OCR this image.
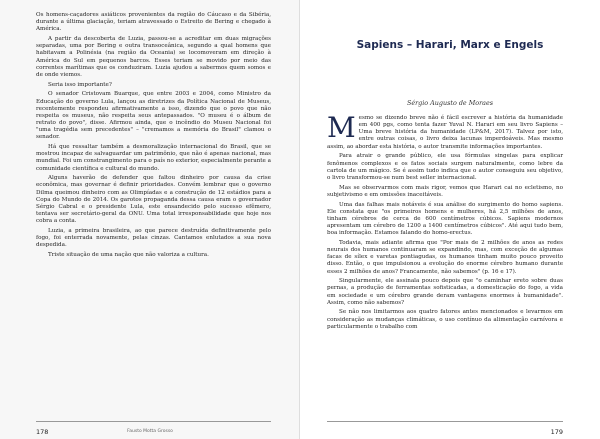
Os homens-caçadores asiáticos provenientes da região do Cáucaso e da Sibéria, durante a última glaciação, teriam atravessado o Estreito de Bering e chegado à América.

A partir da descoberta de Luzia, passou-se a acreditar em duas migrações separadas, uma por Bering e outra transoceânica, segundo a qual homens que habitavam a Polinésia (na região da Oceania) se locomoveram em direção à América do Sul em pequenos barcos. Esses teriam se movido por meio das correntes marítimas que os conduziram. Luzia ajudou a sabermos quem somos e de onde viemos.

Seria isso importante?

O senador Cristovam Buarque, que entre 2003 e 2004, como Ministro da Educação do governo Lula, lançou as diretrizes da Política Nacional de Museus, recentemente respondeu afirmativamente a isso, dizendo que o povo que não respeita os museus, não respeita seus antepassados. "O museu é o álbum de retrato do povo", disse. Afirmou ainda, que o incêndio do Museu Nacional foi "uma tragédia sem precedentes" – "cremamos a memória do Brasil" clamou o senador.

Há que ressaltar também a desmoralização internacional do Brasil, que se mostrou incapaz de salvaguardar um patrimônio, que não é apenas nacional, mas mundial. Foi um constrangimento para o país no exterior, especialmente perante a comunidade científica e cultural do mundo.

Alguns haverão de defender que faltou dinheiro por causa da crise econômica, mas governar é definir prioridades. Convém lembrar que o governo Dilma queimou dinheiro com as Olimpíadas e a construção de 12 estádios para a Copa do Mundo de 2014. Os garotos propaganda dessa causa eram o governador Sérgio Cabral e o presidente Lula, este ensandecido pelo sucesso efêmero, tentava ser secretário-geral da ONU. Uma total irresponsabilidade que hoje nos cobra a conta.

Luzia, a primeira brasileira, ao que parece destruída definitivamente pelo fogo, foi enterrada novamente, pelas cinzas. Cantamos enlutados a sua nova despedida.

Triste situação de uma nação que não valoriza a cultura.

178	Fausto Motta Grosso
Sapiens – Harari, Marx e Engels
Sérgio Augusto de Moraes

Mesmo se dizendo breve não é fácil escrever a história da humanidade em 400 pgs, como tenta fazer Yuval N. Harari em seu livro Sapiens – Uma breve história da humanidade (LP&M, 2017). Talvez por isto, entre outras coisas, o livro deixa lacunas imperdoáveis. Mas mesmo assim, ao abordar esta história, o autor transmite informações importantes.

Para atrair o grande público, ele usa fórmulas singelas para explicar fenômenos complexos e os fatos sociais surgem naturalmente, como lebre da cartola de um mágico. Se é assim tudo indica que o autor conseguiu seu objetivo, o livro transformou-se num best seller internacional.

Mas se observarmos com mais rigor, vemos que Harari cai no ecletismo, no subjetivismo e em omissões inaceitáveis.

Uma das falhas mais notáveis é sua análise do surgimento do homo sapiens. Ele constata que "os primeiros homens e mulheres, há 2,5 milhões de anos, tinham cérebros de cerca de 600 centímetros cúbicos. Sapiens modernos apresentam um cérebro de 1200 a 1400 centímetros cúbicos". Até aqui tudo bem, boa informação. Estamos falando do homo-erectus.

Todavia, mais adiante afirma que "Por mais de 2 milhões de anos as redes neurais dos humanos continuaram se expandindo, mas, com exceção de algumas facas de sílex e varetas pontiagudas, os humanos tinham muito pouco proveito disso. Então, o que impulsionou a evolução do enorme cérebro humano durante esses 2 milhões de anos? Francamente, não sabemos" (p. 16 e 17).

Singularmente, ele assinala pouco depois que "o caminhar ereto sobre duas pernas, a produção de ferramentas sofisticadas, a domesticação do fogo, a vida em sociedade e um cérebro grande deram vantagens enormes à humanidade". Assim, como não sabemos?

Se não nos limitarmos aos quatro fatores antes mencionados e levarmos em consideração as mudanças climáticas, o uso contínuo da alimentação carnívora e particularmente o trabalho com

179
